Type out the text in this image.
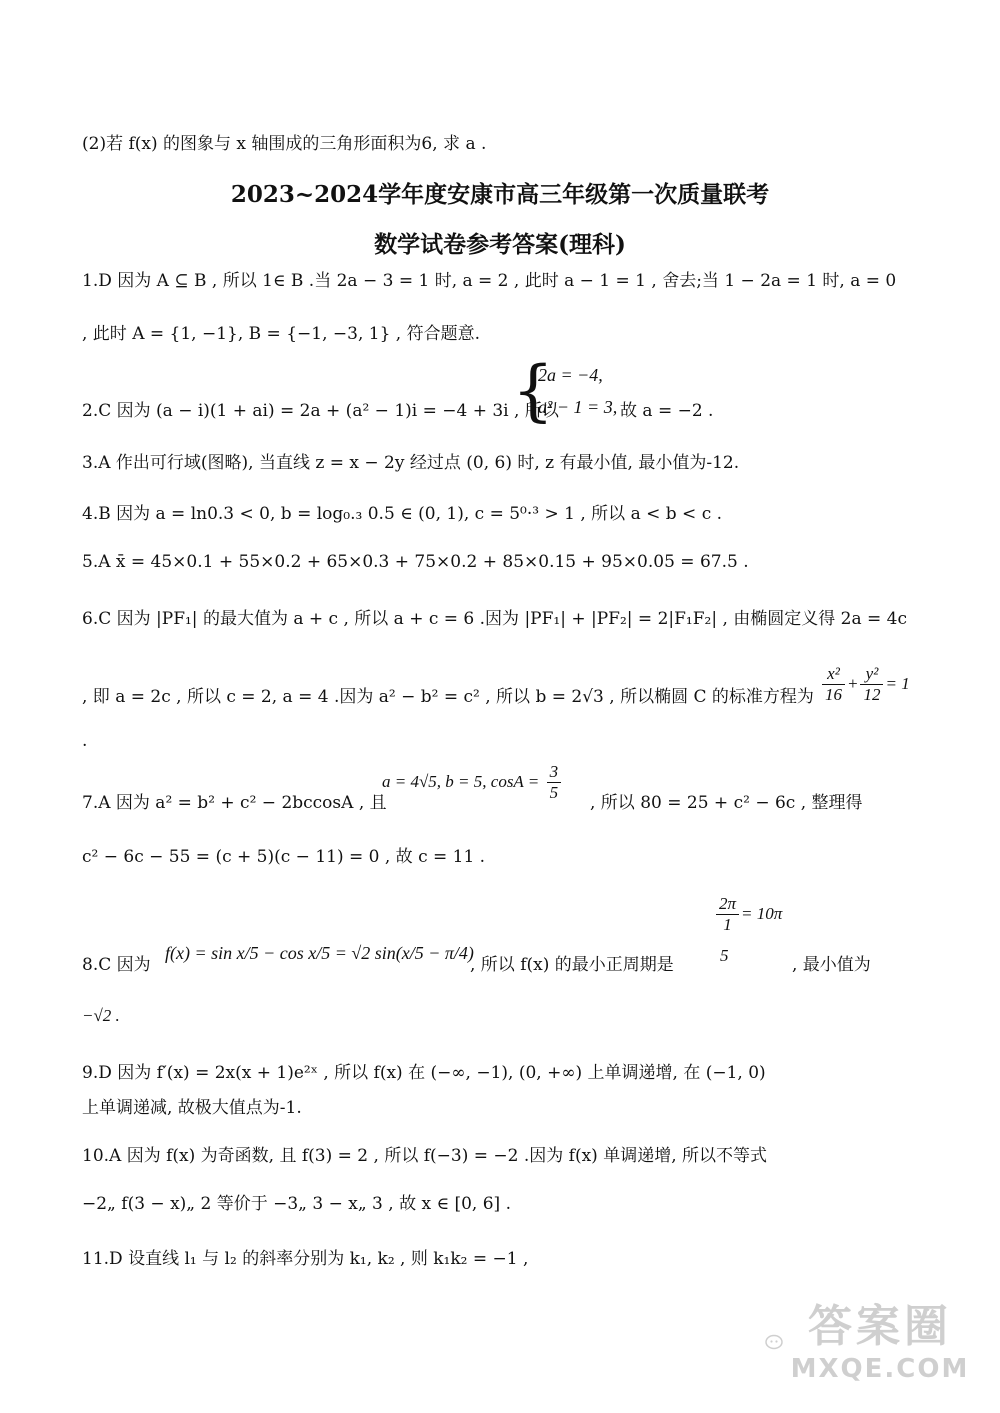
(2)若 f(x) 的图象与 x 轴围成的三角形面积为6, 求 a .
2023~2024学年度安康市高三年级第一次质量联考
数学试卷参考答案(理科)
1.D 因为 A ⊆ B , 所以 1∈ B .当 2a − 3 = 1 时, a = 2 , 此时 a − 1 = 1 , 舍去;当 1 − 2a = 1 时, a = 0
, 此时 A = {1, −1}, B = {−1, −3, 1} , 符合题意.
2.C 因为 (a − i)(1 + ai) = 2a + (a² − 1)i = −4 + 3i , 所以
{
2a = −4,
a² − 1 = 3, 故 a = −2 .
3.A 作出可行域(图略), 当直线 z = x − 2y 经过点 (0, 6) 时, z 有最小值, 最小值为-12.
4.B 因为 a = ln0.3 < 0, b = log₀.₃ 0.5 ∈ (0, 1), c = 5⁰·³ > 1 , 所以 a < b < c .
5.A x̄ = 45×0.1 + 55×0.2 + 65×0.3 + 75×0.2 + 85×0.15 + 95×0.05 = 67.5 .
6.C 因为 |PF₁| 的最大值为 a + c , 所以 a + c = 6 .因为 |PF₁| + |PF₂| = 2|F₁F₂| , 由椭圆定义得 2a = 4c
, 即 a = 2c , 所以 c = 2, a = 4 .因为 a² − b² = c² , 所以 b = 2√3 , 所以椭圆 C 的标准方程为 $\frac{\text{x²}}{16} + \frac{\text{y²}}{12} = 1$
.
a = 4√5, b = 5, $\cos A = \frac{3}{5}$
7.A 因为 a² = b² + c² − 2bccosA , 且	, 所以 80 = 25 + c² − 6c , 整理得
c² − 6c − 55 = (c + 5)(c − 11) = 0 , 故 c = 11 .
$\frac{2\pi}{1} = 10\pi$
5
8.C 因为
f(x) = sin x/5 − cos x/5 = √2 sin(x/5 − π/4)
, 所以 f(x) 的最小正周期是	, 最小值为
−√2 .
9.D 因为 f′(x) = 2x(x + 1)e²ˣ , 所以 f(x) 在 (−∞, −1), (0, +∞) 上单调递增, 在 (−1, 0)
上单调递减, 故极大值点为-1.
10.A 因为 f(x) 为奇函数, 且 f(3) = 2 , 所以 f(−3) = −2 .因为 f(x) 单调递增, 所以不等式
−2„ f(3 − x)„ 2 等价于 −3„ 3 − x„ 3 , 故 x ∈ [0, 6] .
11.D 设直线 l₁ 与 l₂ 的斜率分别为 k₁, k₂ , 则 k₁k₂ = −1 ,
答案圈
MXQE.COM
